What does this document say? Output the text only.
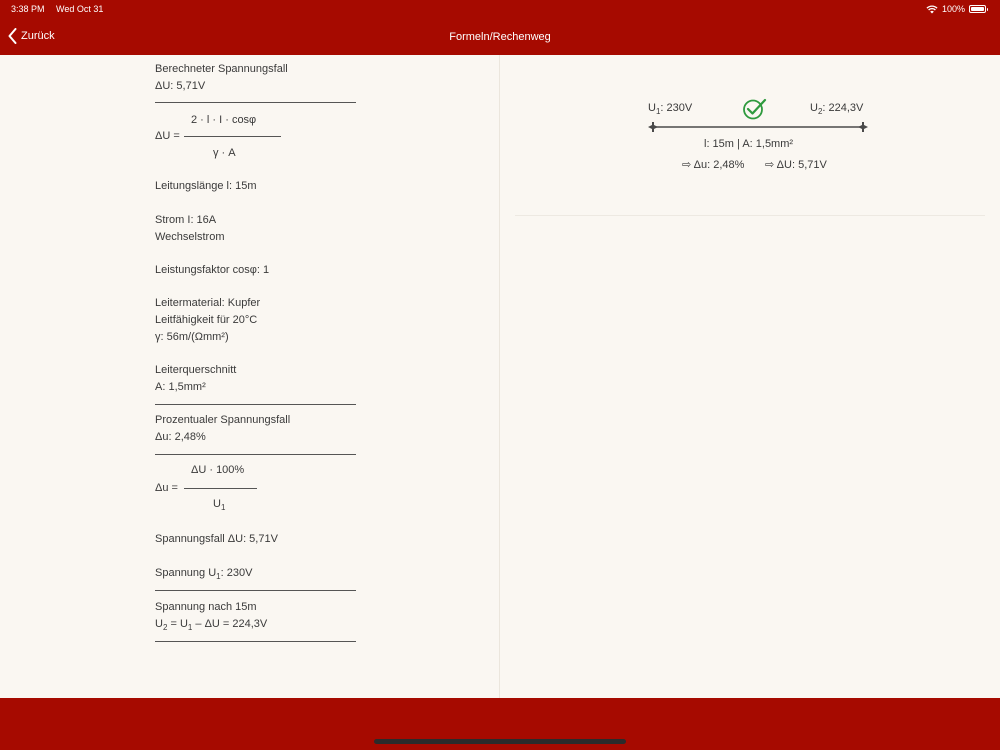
3:38 PM Wed Oct 31	100%
Zurück	Formeln/Rechenweg
Berechneter Spannungsfall
ΔU: 5,71V
2 · l · I · cosφ
ΔU =
γ · A
Leitungslänge l: 15m
Strom I: 16A
Wechselstrom
Leistungsfaktor cosφ: 1
Leitermaterial: Kupfer
Leitfähigkeit für 20°C
γ: 56m/(Ωmm²)
Leiterquerschnitt
A: 1,5mm²
Prozentualer Spannungsfall
Δu: 2,48%
ΔU · 100%
Δu =
$U_1$
Spannungsfall ΔU: 5,71V
Spannung $U_1$: 230V
Spannung nach 15m
$U_2 = U_1 - \Delta U = 224,3V$
$U_1$: 230V	$U_2$: 224,3V
l: 15m | A: 1,5mm²
⇨ Δu: 2,48% ⇨ ΔU: 5,71V
